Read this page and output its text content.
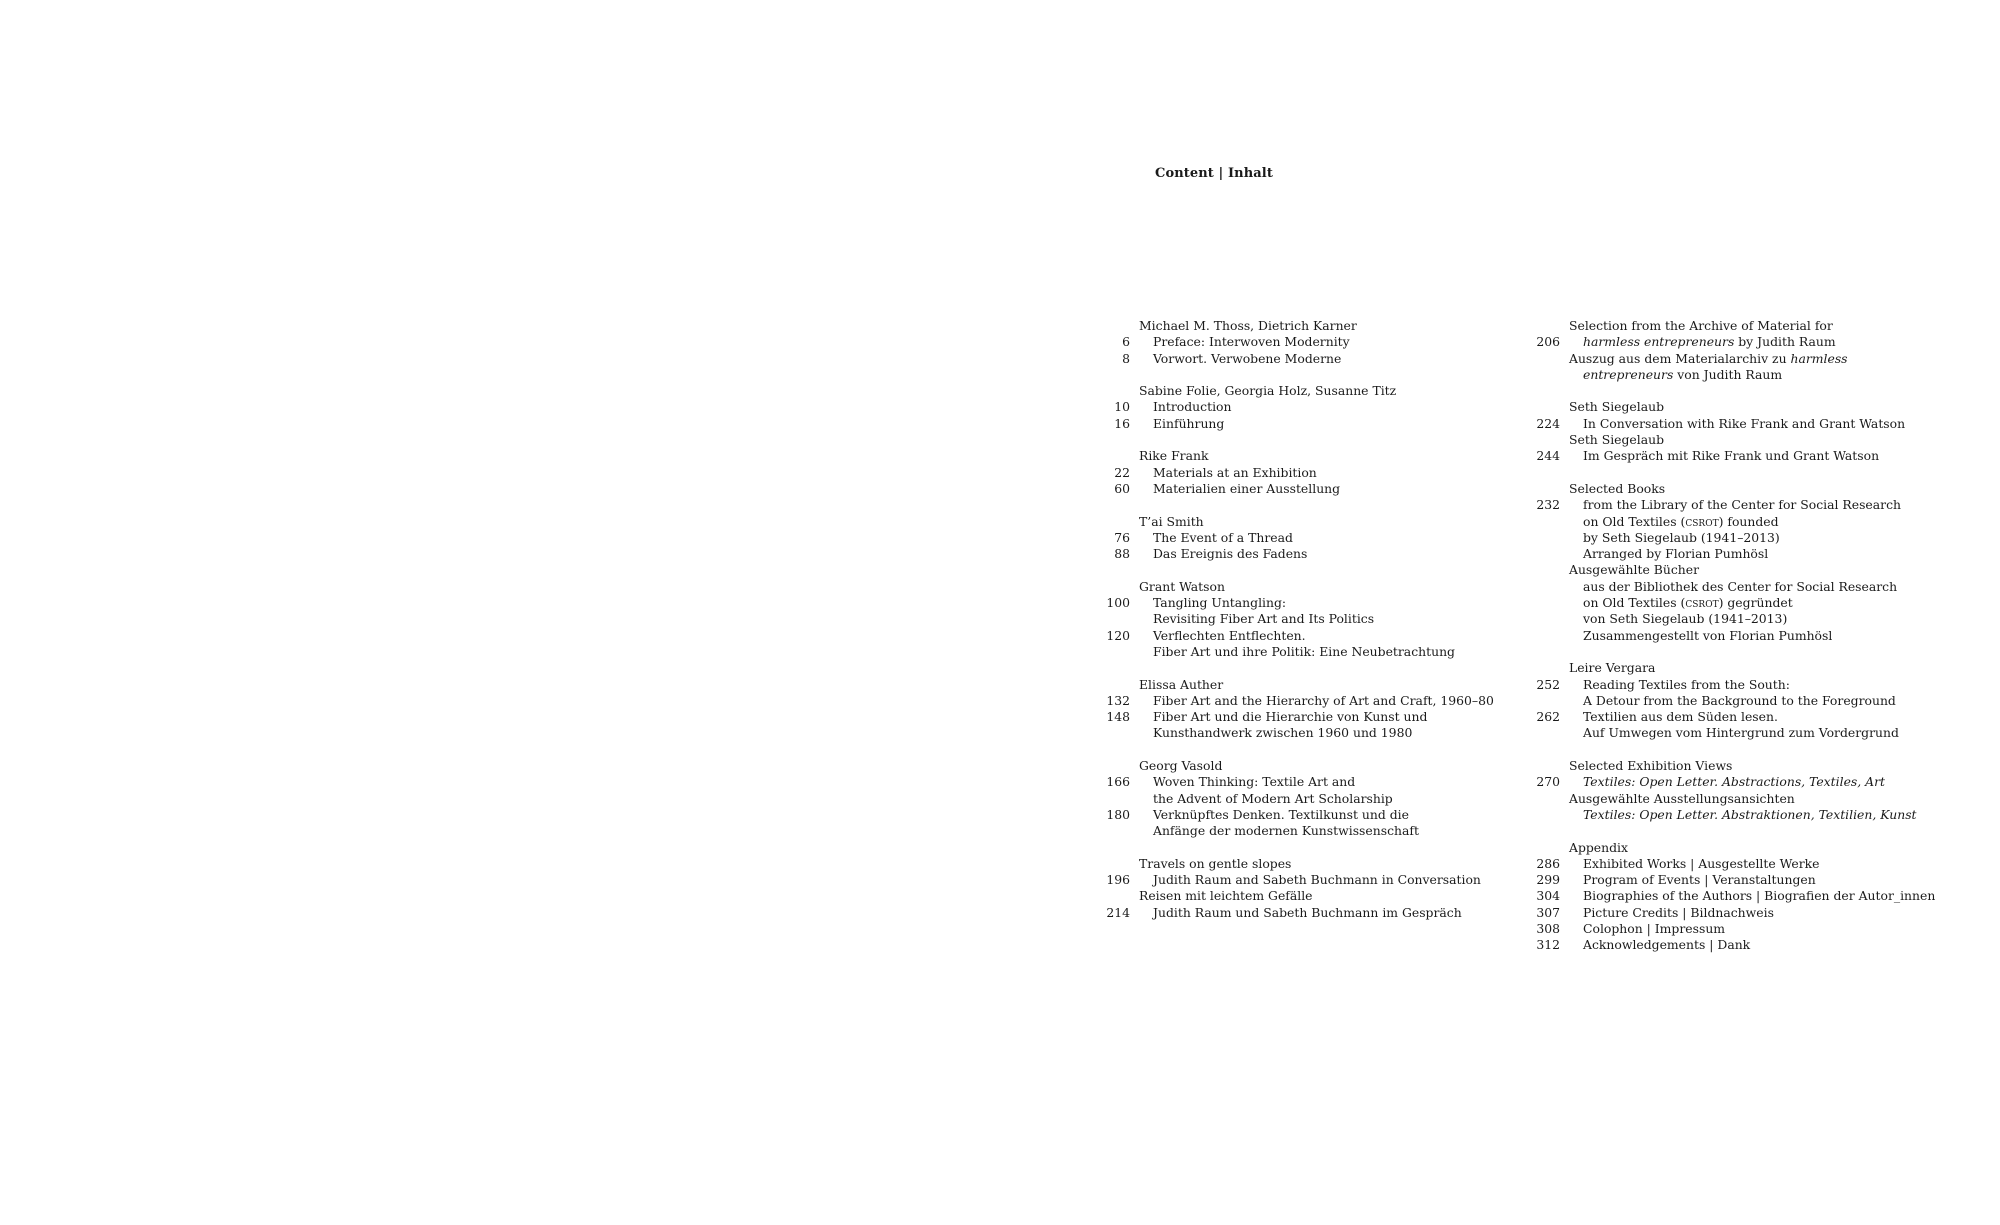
Content | Inhalt
Michael M. Thoss, Dietrich Karner
6 Preface: Interwoven Modernity
8 Vorwort. Verwobene Moderne
Sabine Folie, Georgia Holz, Susanne Titz
10 Introduction
16 Einführung
Rike Frank
22 Materials at an Exhibition
60 Materialien einer Ausstellung
T’ai Smith
76 The Event of a Thread
88 Das Ereignis des Fadens
Grant Watson
100 Tangling Untangling:
Revisiting Fiber Art and Its Politics
120 Verflechten Entflechten.
Fiber Art und ihre Politik: Eine Neubetrachtung
Elissa Auther
132 Fiber Art and the Hierarchy of Art and Craft, 1960–80
148 Fiber Art und die Hierarchie von Kunst und
Kunsthandwerk zwischen 1960 und 1980
Georg Vasold
166 Woven Thinking: Textile Art and
the Advent of Modern Art Scholarship
180 Verknüpftes Denken. Textilkunst und die
Anfänge der modernen Kunstwissenschaft
Travels on gentle slopes
196 Judith Raum and Sabeth Buchmann in Conversation
Reisen mit leichtem Gefälle
214 Judith Raum und Sabeth Buchmann im Gespräch
Selection from the Archive of Material for
206 harmless entrepreneurs by Judith Raum
Auszug aus dem Materialarchiv zu harmless
entrepreneurs von Judith Raum
Seth Siegelaub
224 In Conversation with Rike Frank and Grant Watson
Seth Siegelaub
244 Im Gespräch mit Rike Frank und Grant Watson
Selected Books
232 from the Library of the Center for Social Research
on Old Textiles (csrot) founded
by Seth Siegelaub (1941–2013)
Arranged by Florian Pumhösl
Ausgewählte Bücher
aus der Bibliothek des Center for Social Research
on Old Textiles (csrot) gegründet
von Seth Siegelaub (1941–2013)
Zusammengestellt von Florian Pumhösl
Leire Vergara
252 Reading Textiles from the South:
A Detour from the Background to the Foreground
262 Textilien aus dem Süden lesen.
Auf Umwegen vom Hintergrund zum Vordergrund
Selected Exhibition Views
270 Textiles: Open Letter. Abstractions, Textiles, Art
Ausgewählte Ausstellungsansichten
Textiles: Open Letter. Abstraktionen, Textilien, Kunst
Appendix
286 Exhibited Works | Ausgestellte Werke
299 Program of Events | Veranstaltungen
304 Biographies of the Authors | Biografien der Autor_innen
307 Picture Credits | Bildnachweis
308 Colophon | Impressum
312 Acknowledgements | Dank
